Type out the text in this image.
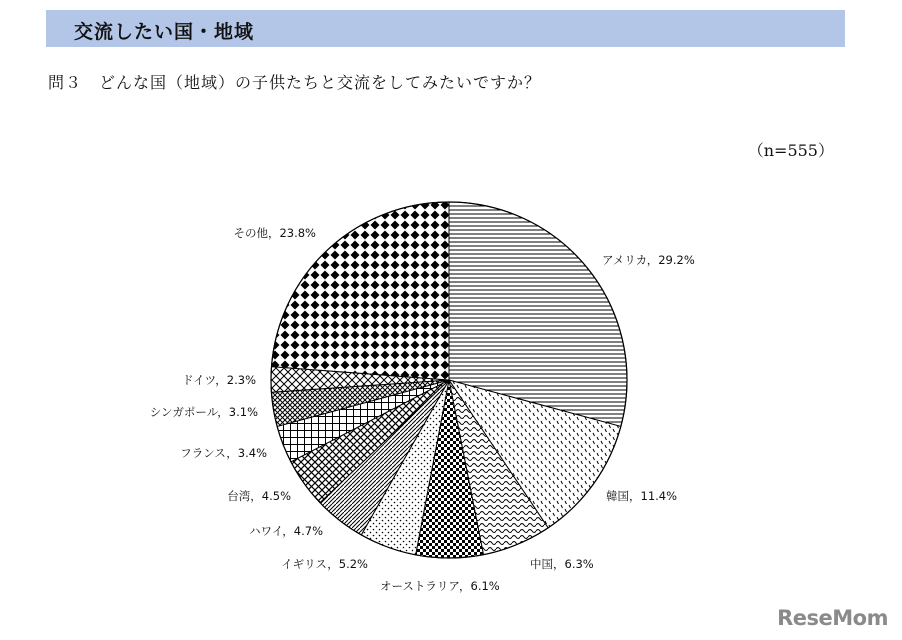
交流したい国・地域
問３　どんな国（地域）の子供たちと交流をしてみたいですか？
（n=555）
アメリカ，29.2%
韓国，11.4%
中国，6.3%
オーストラリア，6.1%
イギリス，5.2%
ハワイ，4.7%
台湾，4.5%
フランス，3.4%
シンガポール，3.1%
ドイツ，2.3%
その他，23.8%
ReseMom
